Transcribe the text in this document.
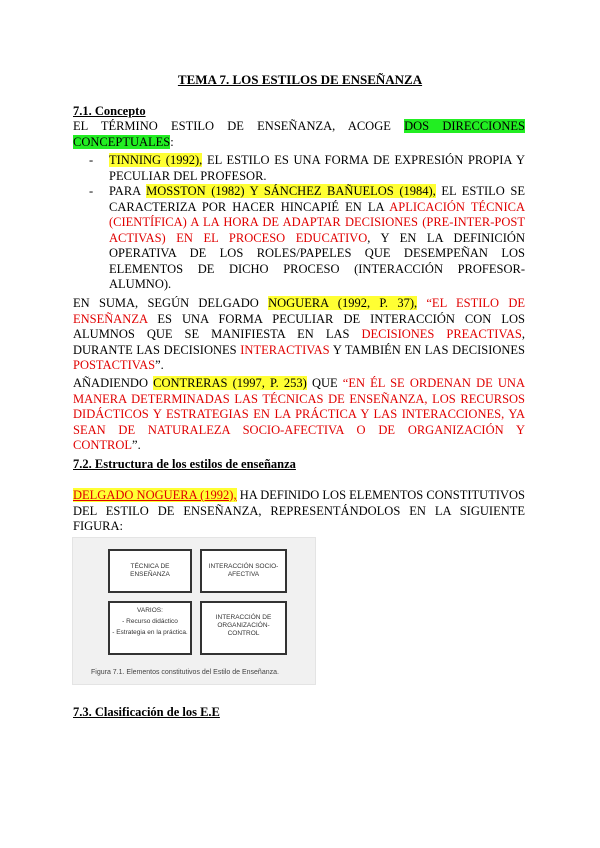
TEMA 7. LOS ESTILOS DE ENSEÑANZA
7.1. Concepto
EL TÉRMINO ESTILO DE ENSEÑANZA, ACOGE DOS DIRECCIONES CONCEPTUALES:
- TINNING (1992), EL ESTILO ES UNA FORMA DE EXPRESIÓN PROPIA Y PECULIAR DEL PROFESOR.
- PARA MOSSTON (1982) Y SÁNCHEZ BAÑUELOS (1984), EL ESTILO SE CARACTERIZA POR HACER HINCAPIÉ EN LA APLICACIÓN TÉCNICA (CIENTÍFICA) A LA HORA DE ADAPTAR DECISIONES (PRE-INTER-POST ACTIVAS) EN EL PROCESO EDUCATIVO, Y EN LA DEFINICIÓN OPERATIVA DE LOS ROLES/PAPELES QUE DESEMPEÑAN LOS ELEMENTOS DE DICHO PROCESO (INTERACCIÓN PROFESOR-ALUMNO).
EN SUMA, SEGÚN DELGADO NOGUERA (1992, P. 37), “EL ESTILO DE ENSEÑANZA ES UNA FORMA PECULIAR DE INTERACCIÓN CON LOS ALUMNOS QUE SE MANIFIESTA EN LAS DECISIONES PREACTIVAS, DURANTE LAS DECISIONES INTERACTIVAS Y TAMBIÉN EN LAS DECISIONES POSTACTIVAS”.
AÑADIENDO CONTRERAS (1997, P. 253) QUE “EN ÉL SE ORDENAN DE UNA MANERA DETERMINADAS LAS TÉCNICAS DE ENSEÑANZA, LOS RECURSOS DIDÁCTICOS Y ESTRATEGIAS EN LA PRÁCTICA Y LAS INTERACCIONES, YA SEAN DE NATURALEZA SOCIO-AFECTIVA O DE ORGANIZACIÓN Y CONTROL”.
7.2. Estructura de los estilos de enseñanza
DELGADO NOGUERA (1992), HA DEFINIDO LOS ELEMENTOS CONSTITUTIVOS DEL ESTILO DE ENSEÑANZA, REPRESENTÁNDOLOS EN LA SIGUIENTE FIGURA:
TÉCNICA DE ENSEÑANZA
INTERACCIÓN SOCIO-AFECTIVA
VARIOS:
- Recurso didáctico
- Estrategia en la práctica.
INTERACCIÓN DE ORGANIZACIÓN-CONTROL
Figura 7.1. Elementos constitutivos del Estilo de Enseñanza.
7.3. Clasificación de los E.E
